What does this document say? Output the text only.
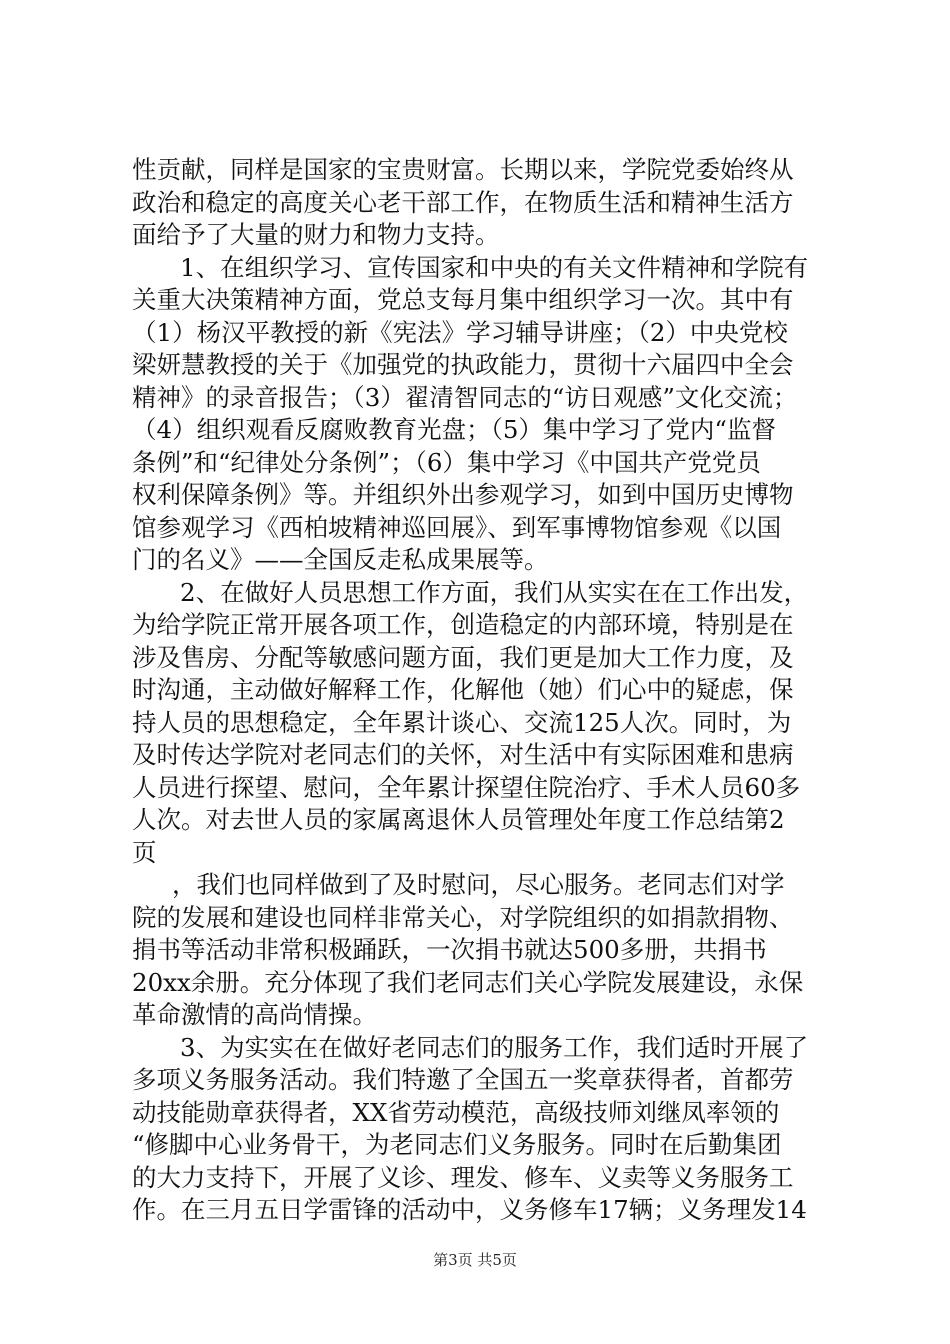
性贡献，同样是国家的宝贵财富。长期以来，学院党委始终从
政治和稳定的高度关心老干部工作，在物质生活和精神生活方
面给予了大量的财力和物力支持。
1、在组织学习、宣传国家和中央的有关文件精神和学院有
关重大决策精神方面，党总支每月集中组织学习一次。其中有
（1）杨汉平教授的新《宪法》学习辅导讲座；（2）中央党校
梁妍慧教授的关于《加强党的执政能力，贯彻十六届四中全会
精神》的录音报告；（3）翟清智同志的“访日观感”文化交流；
（4）组织观看反腐败教育光盘；（5）集中学习了党内“监督
条例”和“纪律处分条例”；（6）集中学习《中国共产党党员
权利保障条例》等。并组织外出参观学习，如到中国历史博物
馆参观学习《西柏坡精神巡回展》、到军事博物馆参观《以国
门的名义》——全国反走私成果展等。
2、在做好人员思想工作方面，我们从实实在在工作出发，
为给学院正常开展各项工作，创造稳定的内部环境，特别是在
涉及售房、分配等敏感问题方面，我们更是加大工作力度，及
时沟通，主动做好解释工作，化解他（她）们心中的疑虑，保
持人员的思想稳定，全年累计谈心、交流125人次。同时，为
及时传达学院对老同志们的关怀，对生活中有实际困难和患病
人员进行探望、慰问，全年累计探望住院治疗、手术人员60多
人次。对去世人员的家属离退休人员管理处年度工作总结第2
页
，我们也同样做到了及时慰问，尽心服务。老同志们对学
院的发展和建设也同样非常关心，对学院组织的如捐款捐物、
捐书等活动非常积极踊跃，一次捐书就达500多册，共捐书
20xx余册。充分体现了我们老同志们关心学院发展建设，永保
革命激情的高尚情操。
3、为实实在在做好老同志们的服务工作，我们适时开展了
多项义务服务活动。我们特邀了全国五一奖章获得者，首都劳
动技能勋章获得者，XX省劳动模范，高级技师刘继凤率领的
“修脚中心业务骨干，为老同志们义务服务。同时在后勤集团
的大力支持下，开展了义诊、理发、修车、义卖等义务服务工
作。在三月五日学雷锋的活动中，义务修车17辆；义务理发14
第3页 共5页
